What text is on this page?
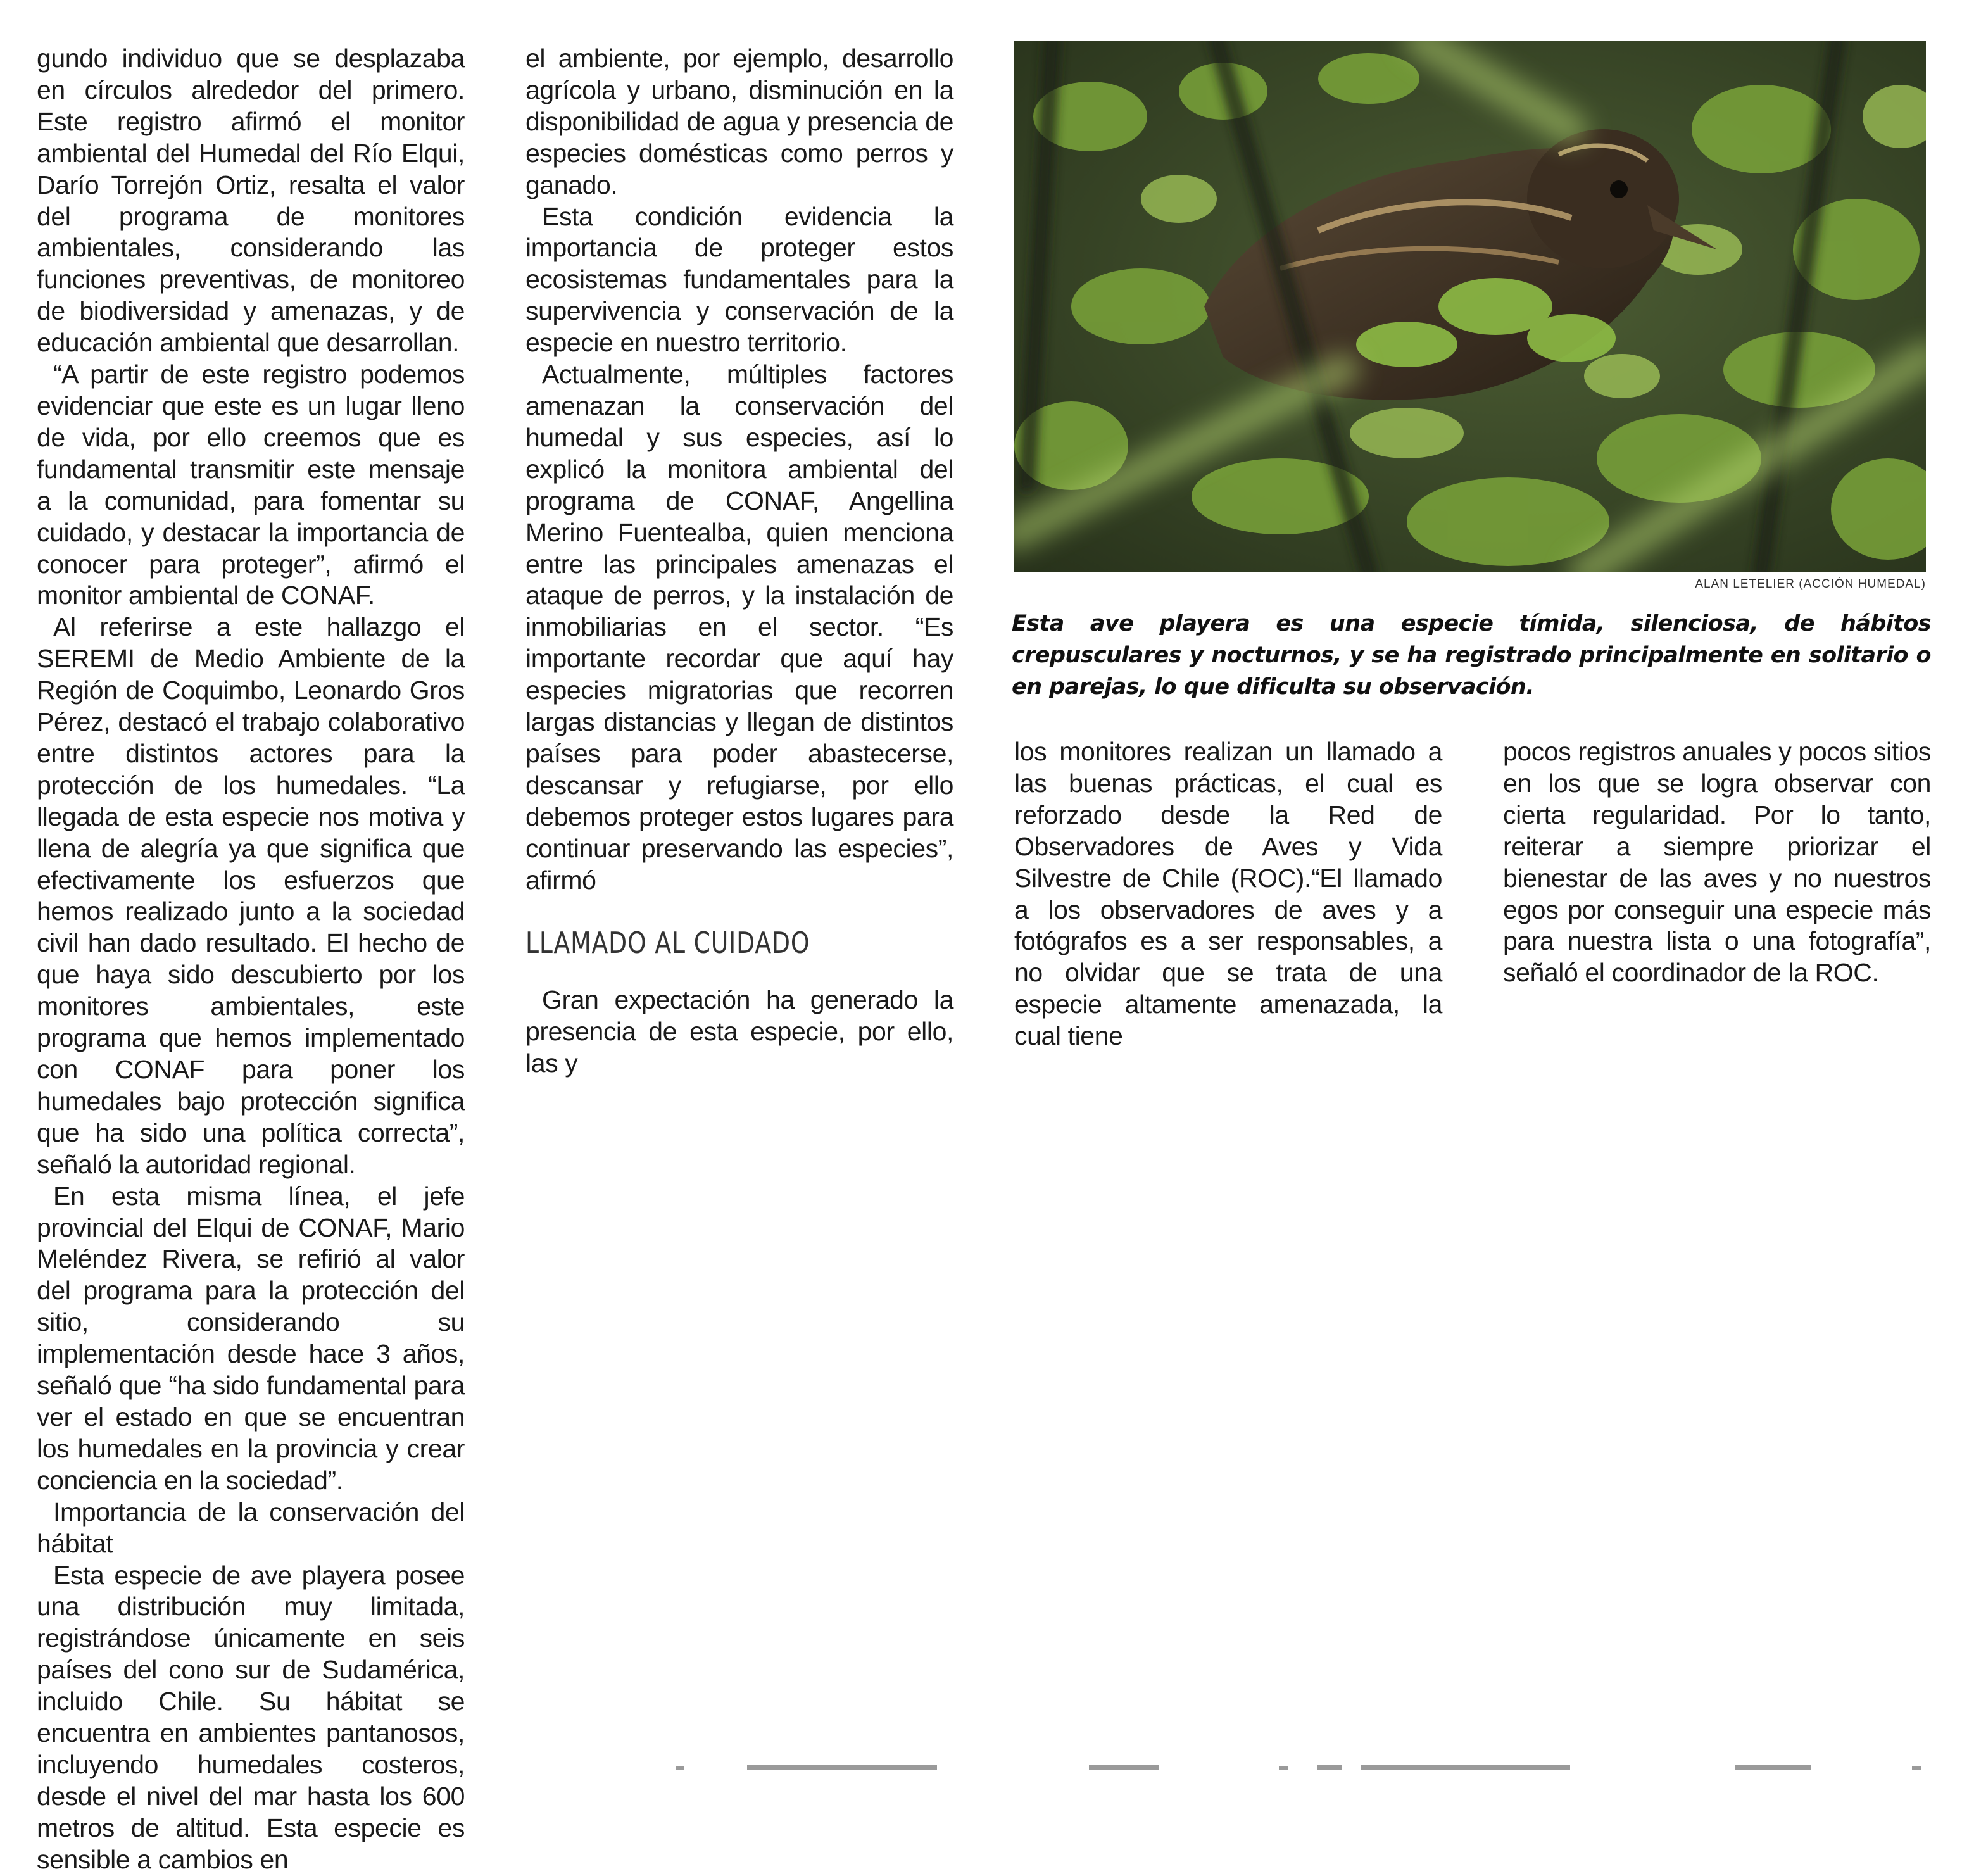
gundo individuo que se desplazaba en círculos alrededor del primero. Este registro afirmó el monitor ambiental del Humedal del Río Elqui, Darío Torrejón Ortiz, resalta el valor del programa de monitores ambientales, considerando las funciones preventivas, de monitoreo de biodiversidad y amenazas, y de educación ambiental que desarrollan.

“A partir de este registro podemos evidenciar que este es un lugar lleno de vida, por ello creemos que es fundamental transmitir este mensaje a la comunidad, para fomentar su cuidado, y destacar la importancia de conocer para proteger”, afirmó el monitor ambiental de CONAF.

Al referirse a este hallazgo el SEREMI de Medio Ambiente de la Región de Coquimbo, Leonardo Gros Pérez, destacó el trabajo colaborativo entre distintos actores para la protección de los humedales. “La llegada de esta especie nos motiva y llena de alegría ya que significa que efectivamente los esfuerzos que hemos realizado junto a la sociedad civil han dado resultado. El hecho de que haya sido descubierto por los monitores ambientales, este programa que hemos implementado con CONAF para poner los humedales bajo protección significa que ha sido una política correcta”, señaló la autoridad regional.

En esta misma línea, el jefe provincial del Elqui de CONAF, Mario Meléndez Rivera, se refirió al valor del programa para la protección del sitio, considerando su implementación desde hace 3 años, señaló que “ha sido fundamental para ver el estado en que se encuentran los humedales en la provincia y crear conciencia en la sociedad”.

Importancia de la conservación del hábitat

Esta especie de ave playera posee una distribución muy limitada, registrándose únicamente en seis países del cono sur de Sudamérica, incluido Chile. Su hábitat se encuentra en ambientes pantanosos, incluyendo humedales costeros, desde el nivel del mar hasta los 600 metros de altitud. Esta especie es sensible a cambios en

el ambiente, por ejemplo, desarrollo agrícola y urbano, disminución en la disponibilidad de agua y presencia de especies domésticas como perros y ganado.

Esta condición evidencia la importancia de proteger estos ecosistemas fundamentales para la supervivencia y conservación de la especie en nuestro territorio.

Actualmente, múltiples factores amenazan la conservación del humedal y sus especies, así lo explicó la monitora ambiental del programa de CONAF, Angellina Merino Fuentealba, quien menciona entre las principales amenazas el ataque de perros, y la instalación de inmobiliarias en el sector. “Es importante recordar que aquí hay especies migratorias que recorren largas distancias y llegan de distintos países para poder abastecerse, descansar y refugiarse, por ello debemos proteger estos lugares para continuar preservando las especies”, afirmó

LLAMADO AL CUIDADO

Gran expectación ha generado la presencia de esta especie, por ello, las y

ALAN LETELIER (ACCIÓN HUMEDAL)
Esta ave playera es una especie tímida, silenciosa, de hábitos crepusculares y nocturnos, y se ha registrado principalmente en solitario o en parejas, lo que dificulta su observación.

los monitores realizan un llamado a las buenas prácticas, el cual es reforzado desde la Red de Observadores de Aves y Vida Silvestre de Chile (ROC).“El llamado a los observadores de aves y a fotógrafos es a ser responsables, a no olvidar que se trata de una especie altamente amenazada, la cual tiene

pocos registros anuales y pocos sitios en los que se logra observar con cierta regularidad. Por lo tanto, reiterar a siempre priorizar el bienestar de las aves y no nuestros egos por conseguir una especie más para nuestra lista o una fotografía”, señaló el coordinador de la ROC.
